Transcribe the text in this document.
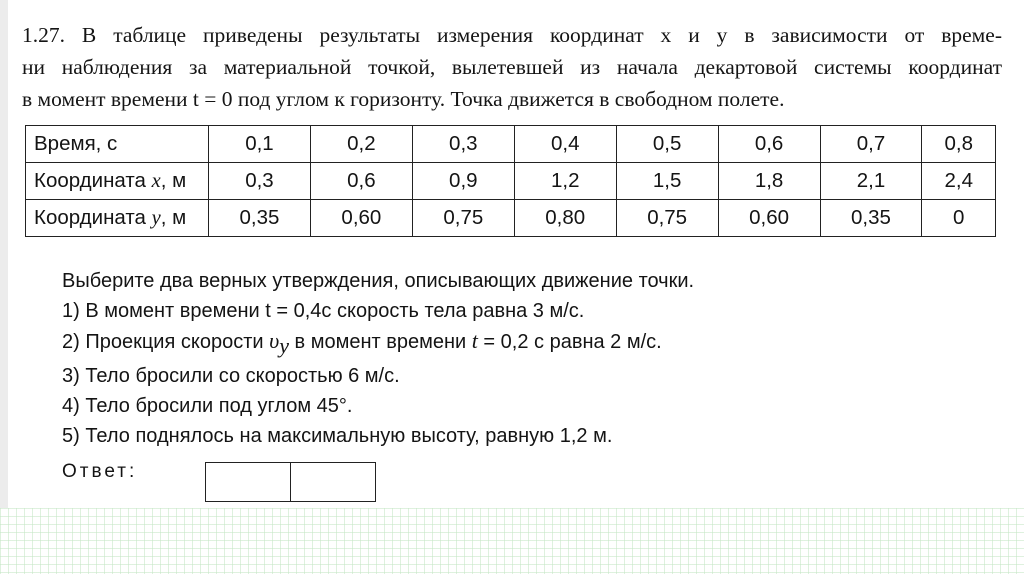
1.27. В таблице приведены результаты измерения координат x и y в зависимости от време-
ни наблюдения за материальной точкой, вылетевшей из начала декартовой системы координат
в момент времени t = 0 под углом к горизонту. Точка движется в свободном полете.
Время, с	0,1	0,2	0,3	0,4	0,5	0,6	0,7	0,8
Координата x, м	0,3	0,6	0,9	1,2	1,5	1,8	2,1	2,4
Координата y, м	0,35	0,60	0,75	0,80	0,75	0,60	0,35	0
Выберите два верных утверждения, описывающих движение точки.
1) В момент времени t = 0,4с скорость тела равна 3 м/с.
2) Проекция скорости $\upsilon_y$ в момент времени t = 0,2 с равна 2 м/с.
3) Тело бросили со скоростью 6 м/с.
4) Тело бросили под углом 45°.
5) Тело поднялось на максимальную высоту, равную 1,2 м.
Ответ:
